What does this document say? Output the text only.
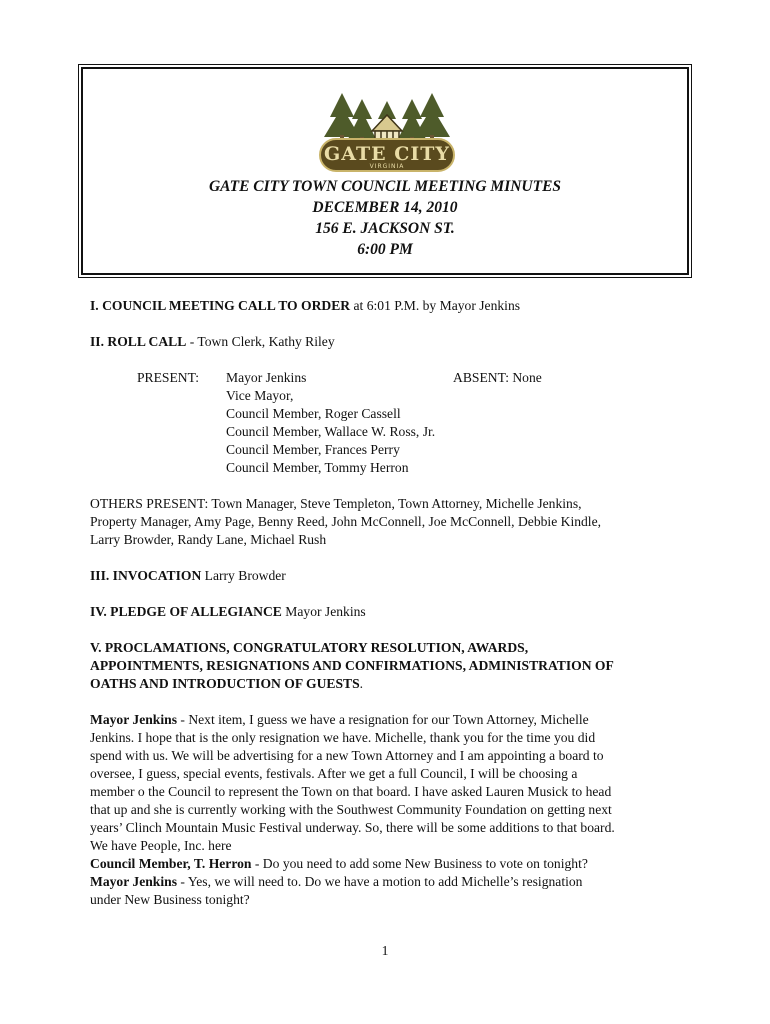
GATE CITY
VIRGINIA
GATE CITY TOWN COUNCIL MEETING MINUTES
DECEMBER 14, 2010
156 E. JACKSON ST.
6:00 PM

I. COUNCIL MEETING CALL TO ORDER at 6:01 P.M. by Mayor Jenkins

II. ROLL CALL - Town Clerk, Kathy Riley

PRESENT: Mayor Jenkins
Vice Mayor,
Council Member, Roger Cassell
Council Member, Wallace W. Ross, Jr.
Council Member, Frances Perry
Council Member, Tommy Herron
ABSENT: None
OTHERS PRESENT: Town Manager, Steve Templeton, Town Attorney, Michelle Jenkins,
Property Manager, Amy Page, Benny Reed, John McConnell, Joe McConnell, Debbie Kindle,
Larry Browder, Randy Lane, Michael Rush

III. INVOCATION Larry Browder

IV. PLEDGE OF ALLEGIANCE Mayor Jenkins

V. PROCLAMATIONS, CONGRATULATORY RESOLUTION, AWARDS,
APPOINTMENTS, RESIGNATIONS AND CONFIRMATIONS, ADMINISTRATION OF
OATHS AND INTRODUCTION OF GUESTS.
Mayor Jenkins - Next item, I guess we have a resignation for our Town Attorney, Michelle
Jenkins. I hope that is the only resignation we have. Michelle, thank you for the time you did
spend with us. We will be advertising for a new Town Attorney and I am appointing a board to
oversee, I guess, special events, festivals. After we get a full Council, I will be choosing a
member o the Council to represent the Town on that board. I have asked Lauren Musick to head
that up and she is currently working with the Southwest Community Foundation on getting next
years’ Clinch Mountain Music Festival underway. So, there will be some additions to that board.
We have People, Inc. here
Council Member, T. Herron - Do you need to add some New Business to vote on tonight?
Mayor Jenkins - Yes, we will need to. Do we have a motion to add Michelle’s resignation
under New Business tonight?
1
